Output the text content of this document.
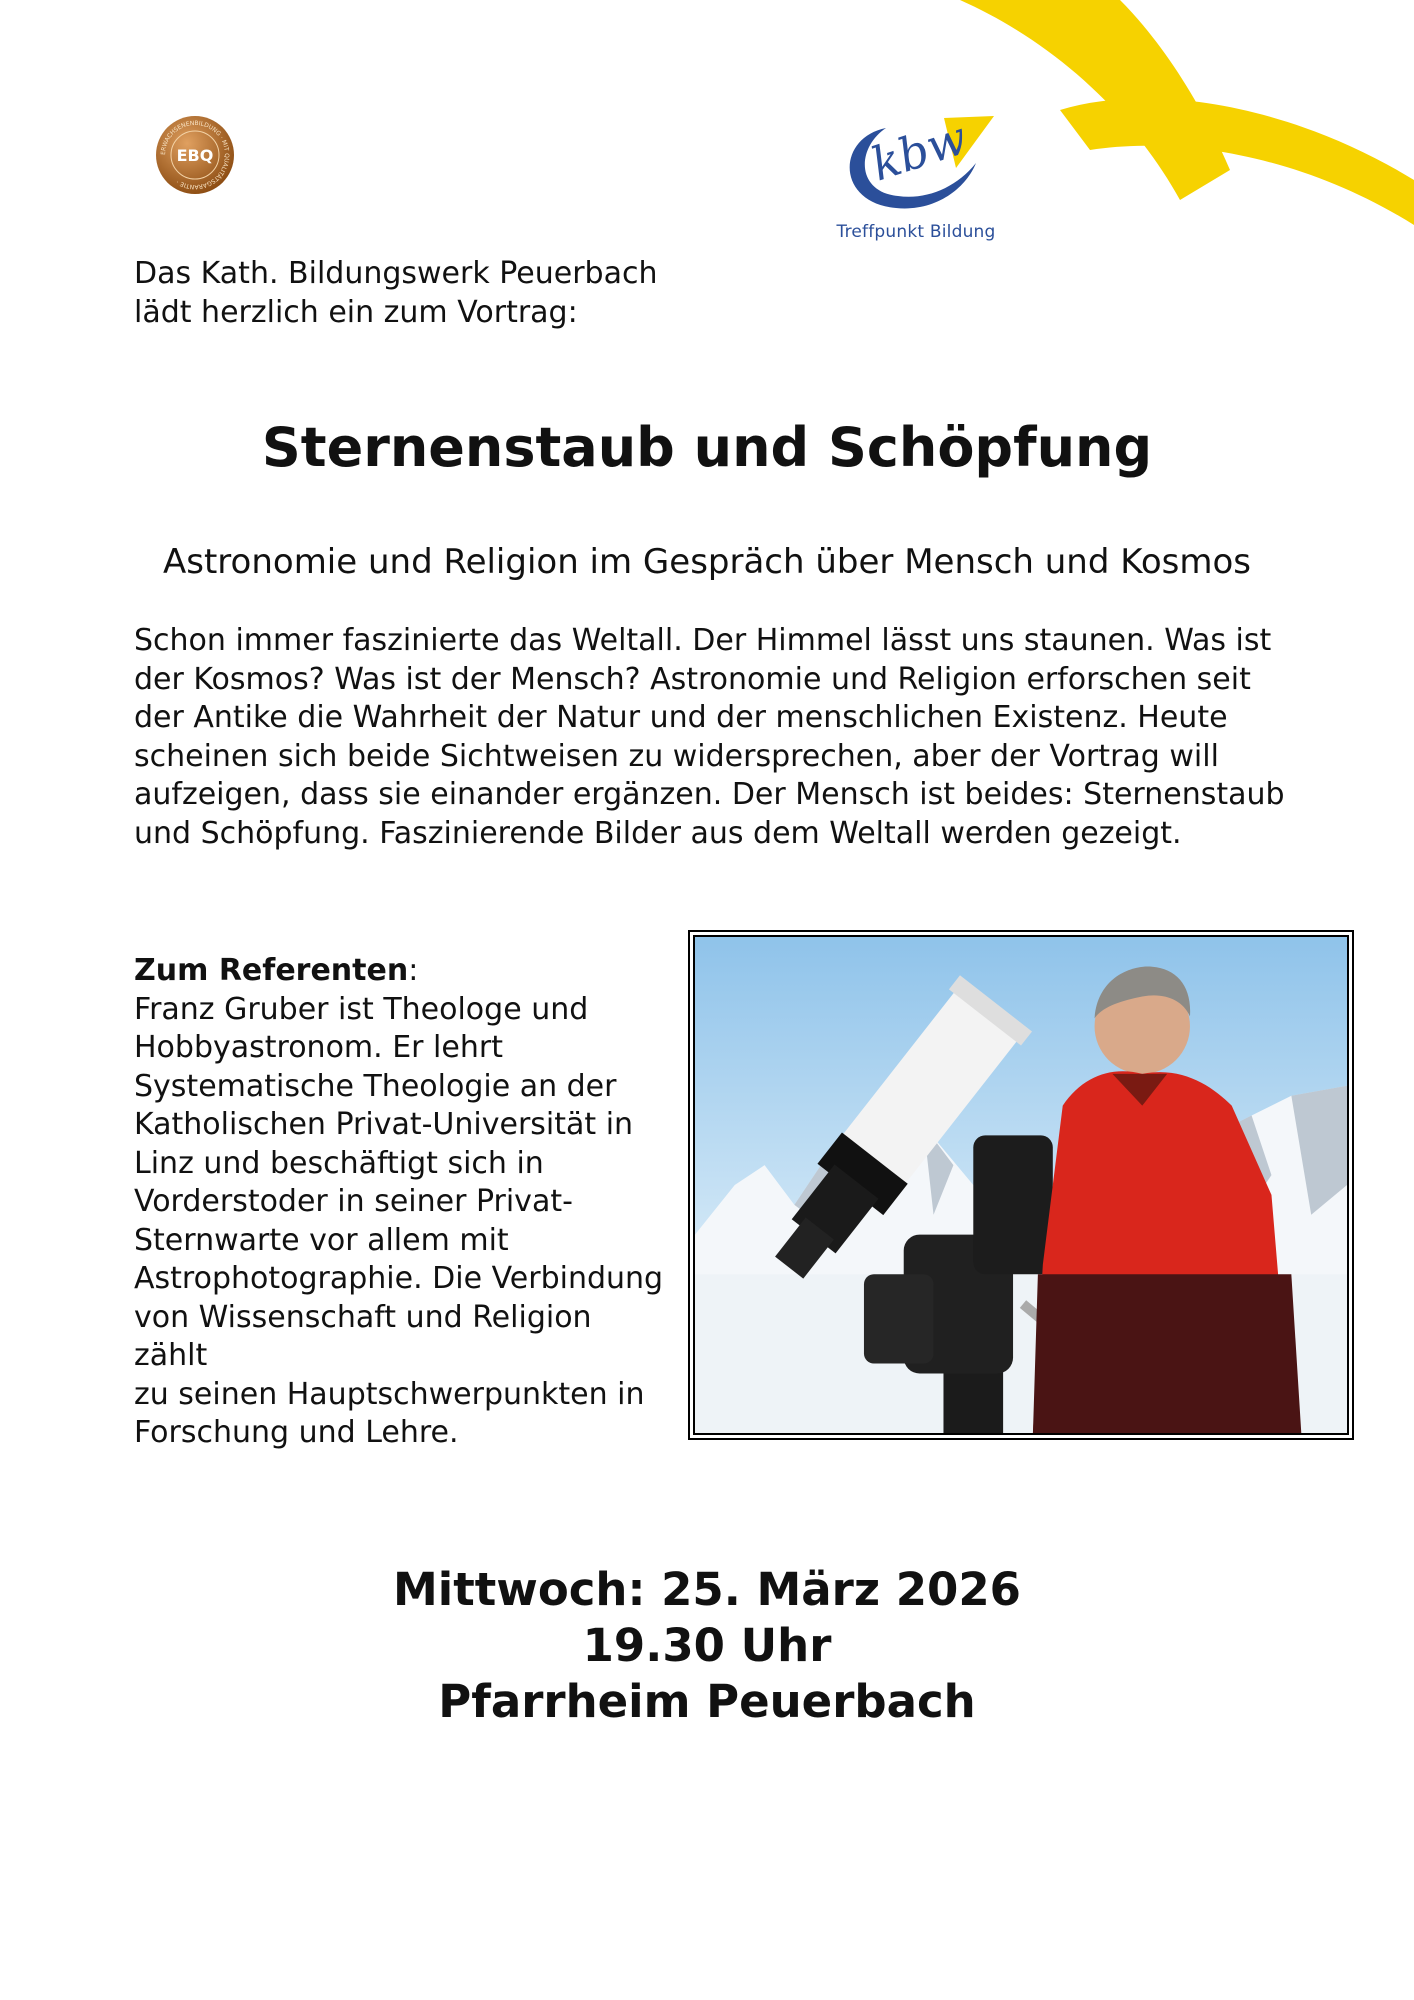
ERWACHSENENBILDUNG · MIT QUALITÄTSGARANTIE ·
EBQ	kbw
Treffpunkt Bildung
Das Kath. Bildungswerk Peuerbach
lädt herzlich ein zum Vortrag:
Sternenstaub und Schöpfung
Astronomie und Religion im Gespräch über Mensch und Kosmos
Schon immer faszinierte das Weltall. Der Himmel lässt uns staunen. Was ist
der Kosmos? Was ist der Mensch? Astronomie und Religion erforschen seit
der Antike die Wahrheit der Natur und der menschlichen Existenz. Heute
scheinen sich beide Sichtweisen zu widersprechen, aber der Vortrag will
aufzeigen, dass sie einander ergänzen. Der Mensch ist beides: Sternenstaub
und Schöpfung. Faszinierende Bilder aus dem Weltall werden gezeigt.
Zum Referenten:
Franz Gruber ist Theologe und
Hobbyastronom. Er lehrt
Systematische Theologie an der
Katholischen Privat-Universität in
Linz und beschäftigt sich in
Vorderstoder in seiner Privat-
Sternwarte vor allem mit
Astrophotographie. Die Verbindung
von Wissenschaft und Religion zählt
zu seinen Hauptschwerpunkten in
Forschung und Lehre.
Mittwoch: 25. März 2026
19.30 Uhr
Pfarrheim Peuerbach
